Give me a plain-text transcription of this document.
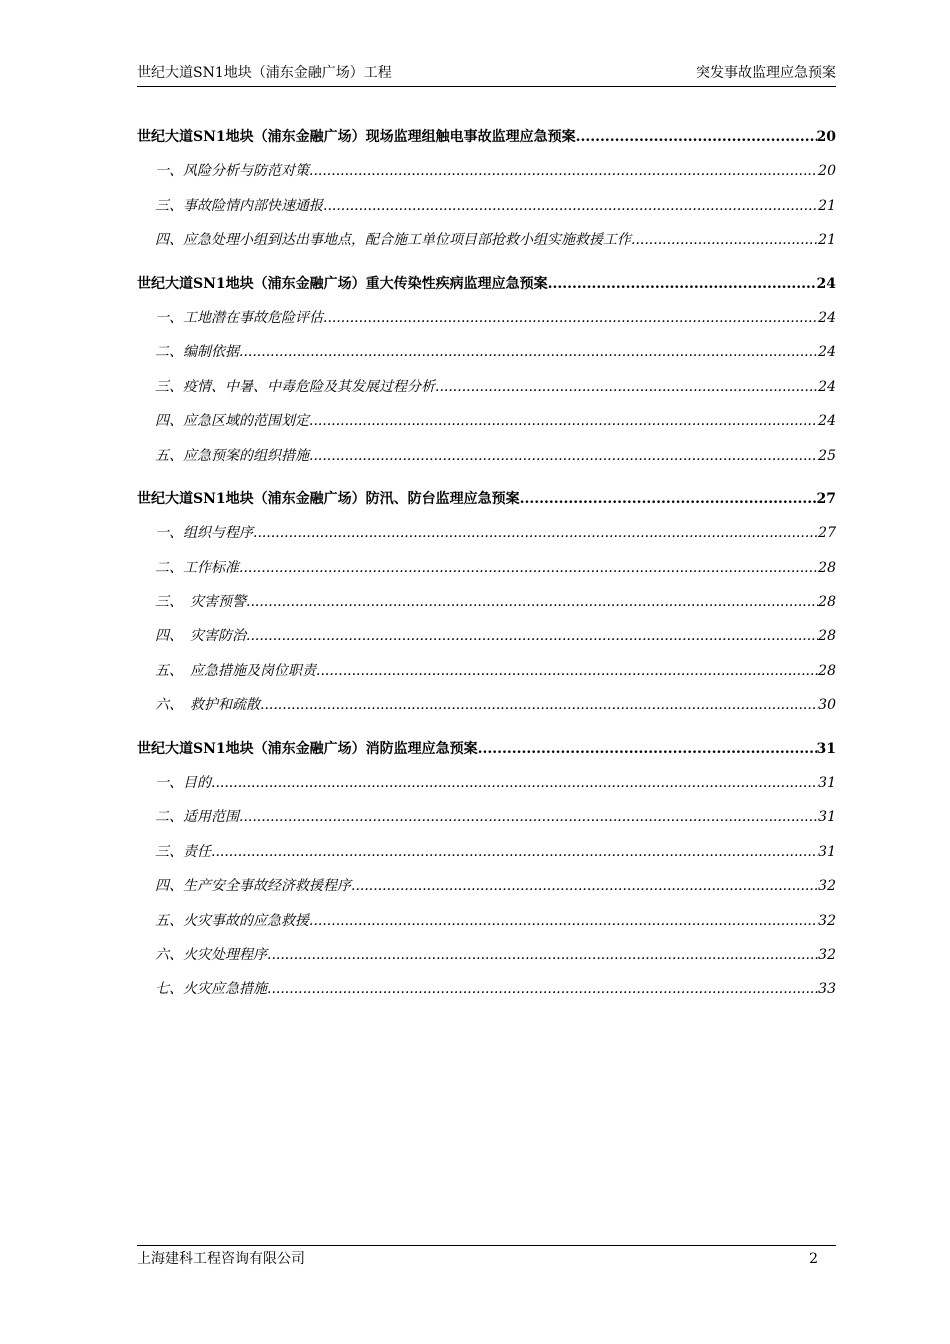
世纪大道SN1地块（浦东金融广场）工程	突发事故监理应急预案
世纪大道SN1地块（浦东金融广场）现场监理组触电事故监理应急预案 .....	20
一、风险分析与防范对策 .....	20
三、事故险情内部快速通报 .....	21
四、应急处理小组到达出事地点，配合施工单位项目部抢救小组实施救援工作 .....	21
世纪大道SN1地块（浦东金融广场）重大传染性疾病监理应急预案 .....	24
一、工地潜在事故危险评估 .....	24
二、编制依据 .....	24
三、疫情、中暑、中毒危险及其发展过程分析 .....	24
四、应急区域的范围划定 .....	24
五、应急预案的组织措施 .....	25
世纪大道SN1地块（浦东金融广场）防汛、防台监理应急预案 .....	27
一、组织与程序 .....	27
二、工作标准 .....	28
三、　灾害预警 .....	28
四、　灾害防治 .....	28
五、　应急措施及岗位职责 .....	28
六、　救护和疏散 .....	30
世纪大道SN1地块（浦东金融广场）消防监理应急预案 .....	31
一、目的 .....	31
二、适用范围 .....	31
三、责任 .....	31
四、生产安全事故经济救援程序 .....	32
五、火灾事故的应急救援 .....	32
六、火灾处理程序 .....	32
七、火灾应急措施 .....	33
上海建科工程咨询有限公司	2
